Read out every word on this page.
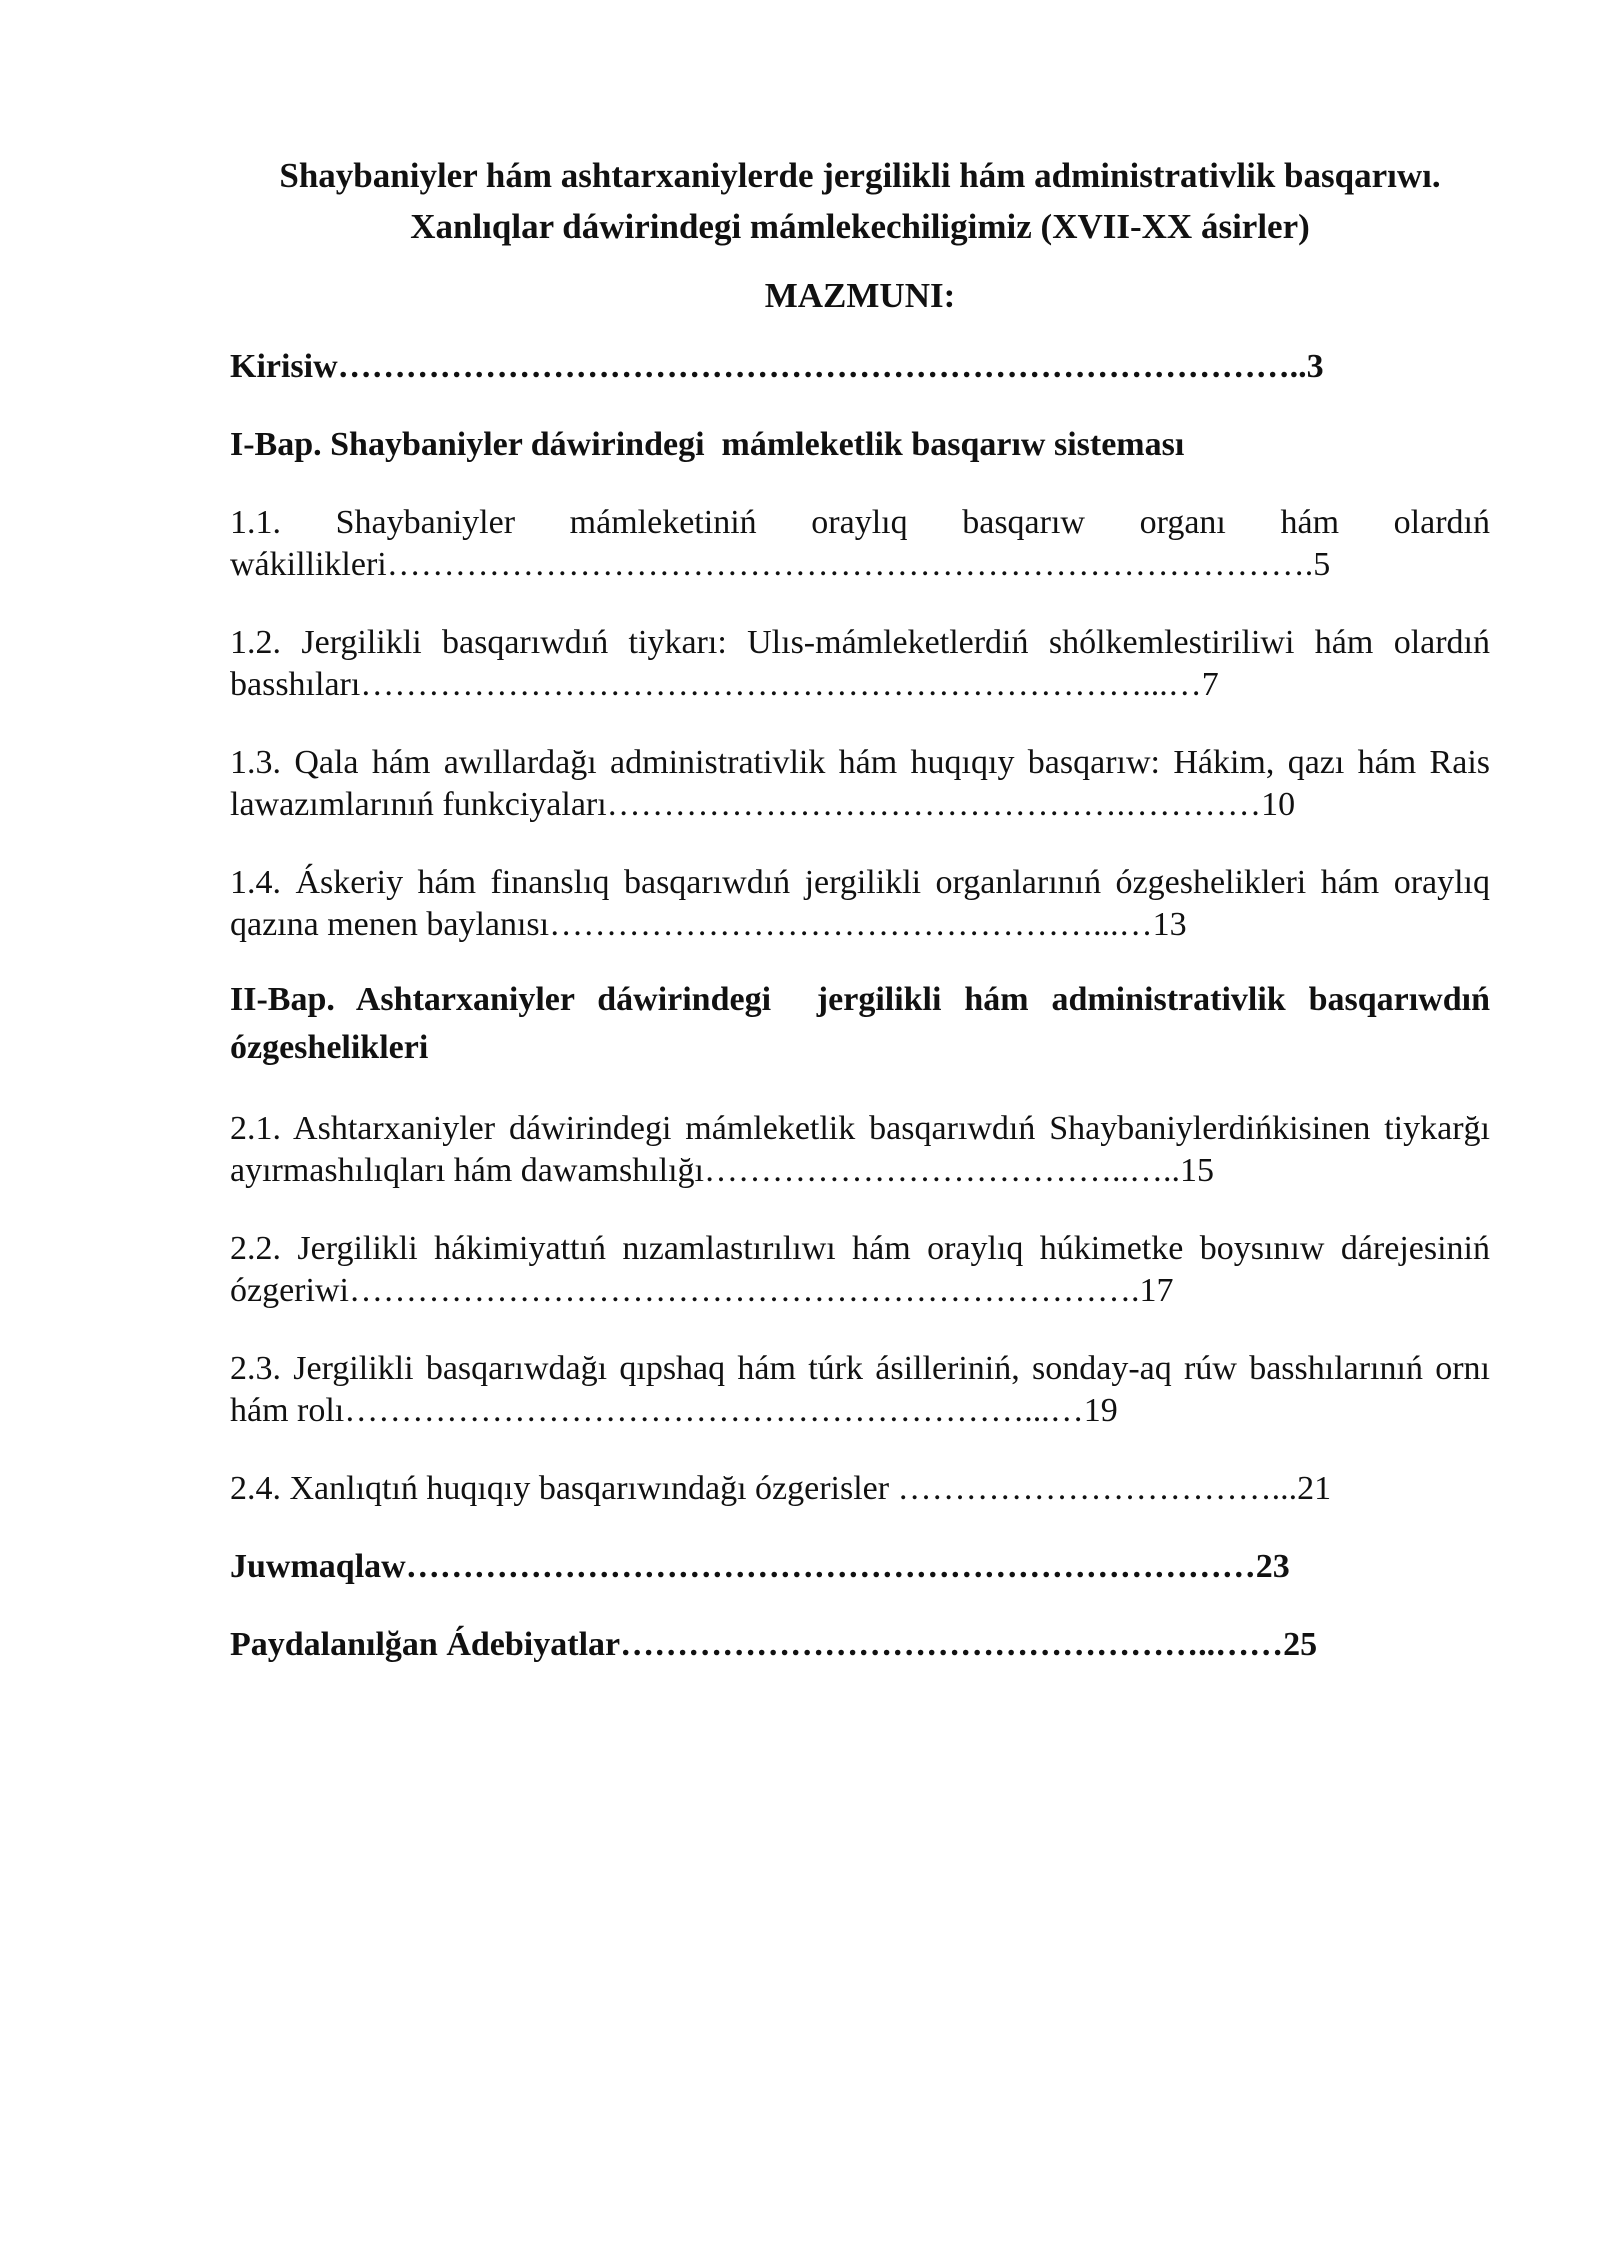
Shaybaniyler hám ashtarxaniylerde jergilikli hám administrativlik basqarıwı.
Xanlıqlar dáwirindegi mámlekechiligimiz (XVII-XX ásirler)
MAZMUNI:

Kirisiw…………………………………………………………………………..3

I-Bap. Shaybaniyler dáwirindegi  mámleketlik basqarıw sisteması

1.1. Shaybaniyler mámleketiniń oraylıq basqarıw organı hám olardıń wákillikleri……………………………………………………………………….5

1.2. Jergilikli basqarıwdıń tiykarı: Ulıs-mámleketlerdiń shólkemlestiriliwi hám olardıń basshıları……………………………………………………………...…7

1.3. Qala hám awıllardağı administrativlik hám huqıqıy basqarıw: Hákim, qazı hám Rais lawazımlarınıń funkciyaları……………………………………….…………10

1.4. Áskeriy hám finanslıq basqarıwdıń jergilikli organlarınıń ózgeshelikleri hám oraylıq qazına menen baylanısı…………………………………………...…13

II-Bap. Ashtarxaniyler dáwirindegi  jergilikli hám administrativlik basqarıwdıń ózgeshelikleri

2.1. Ashtarxaniyler dáwirindegi mámleketlik basqarıwdıń Shaybaniylerdińkisinen tiykarğı ayırmashılıqları hám dawamshılığı………………………………..…..15

2.2. Jergilikli hákimiyattıń nızamlastırılıwı hám oraylıq húkimetke boysınıw dárejesiniń ózgeriwi…………………………………………………………….17

2.3. Jergilikli basqarıwdağı qıpshaq hám túrk ásilleriniń, sonday-aq rúw basshılarınıń ornı hám rolı……………………………………………………...…19

2.4. Xanlıqtıń huqıqıy basqarıwındağı ózgerisler ……………………………...21

Juwmaqlaw…………………………………………………………………23

Paydalanılğan Ádebiyatlar……………………………………………..……25
